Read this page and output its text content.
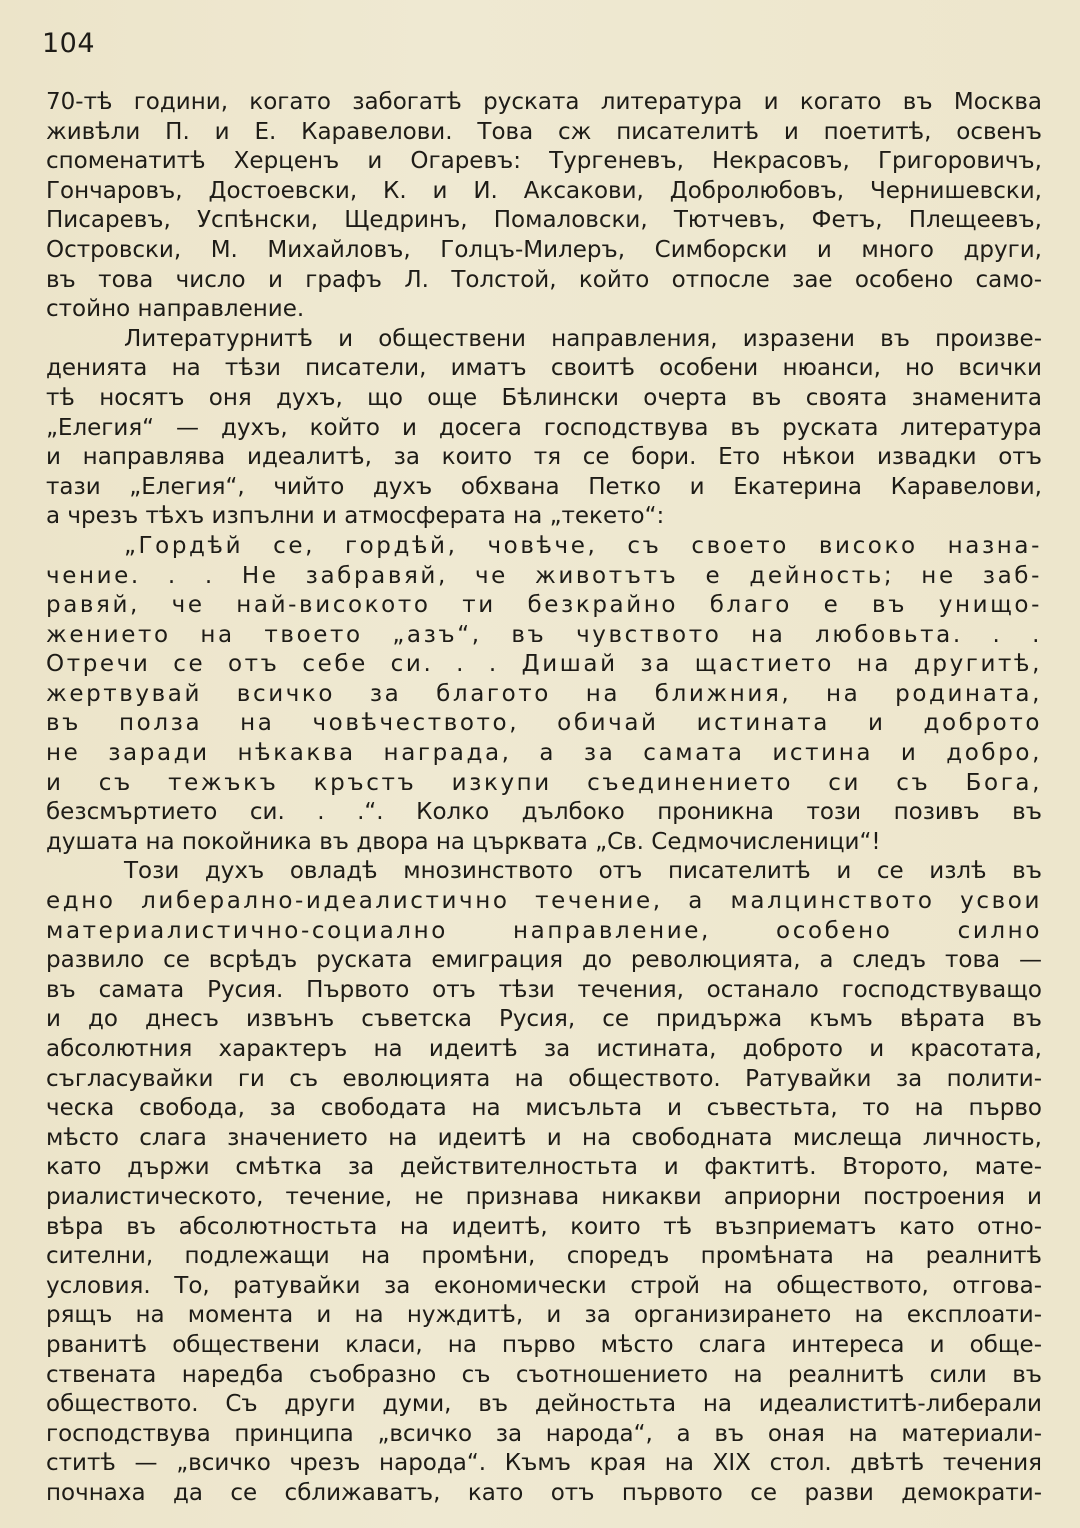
104
70-тѣ години, когато забогатѣ руската литература и когато въ Москва
живѣли П. и Е. Каравелови. Това сж писателитѣ и поетитѣ, освенъ
споменатитѣ Херценъ и Огаревъ: Тургеневъ, Некрасовъ, Григоровичъ,
Гончаровъ, Достоевски, К. и И. Аксакови, Добролюбовъ, Чернишевски,
Писаревъ, Успѣнски, Щедринъ, Помаловски, Тютчевъ, Фетъ, Плещеевъ,
Островски, М. Михайловъ, Голцъ-Милеръ, Симборски и много други,
въ това число и графъ Л. Толстой, който отпосле зае особено само-
стойно направление.
Литературнитѣ и обществени направления, изразени въ произве-
денията на тѣзи писатели, иматъ своитѣ особени нюанси, но всички
тѣ носятъ оня духъ, що още Бѣлински очерта въ своята знаменита
„Елегия“ — духъ, който и досега господствува въ руската литература
и направлява идеалитѣ, за които тя се бори. Ето нѣкои извадки отъ
тази „Елегия“, чийто духъ обхвана Петко и Екатерина Каравелови,
а чрезъ тѣхъ изпълни и атмосферата на „текето“:
„Гордѣй се, гордѣй, човѣче, съ своето високо назна-
чение. . . Не забравяй, че животътъ е дейность; не заб-
равяй, че най-високото ти безкрайно благо е въ унищо-
жението на твоето „азъ“, въ чувството на любовьта. . .
Отречи се отъ себе си. . . Дишай за щастието на другитѣ,
жертвувай всичко за благото на ближния, на родината,
въ полза на човѣчеството, обичай истината и доброто
не заради нѣкаква награда, а за самата истина и добро,
и съ тежъкъ кръстъ изкупи съединението си съ Бога,
безсмъртието си. . .“. Колко дълбоко проникна този позивъ въ
душата на покойника въ двора на църквата „Св. Седмочисленици“!
Този духъ овладѣ мнозинството отъ писателитѣ и се излѣ въ
едно либерално-идеалистично течение, а малцинството усвои
материалистично-социално направление, особено силно
развило се всрѣдъ руската емиграция до революцията, а следъ това —
въ самата Русия. Първото отъ тѣзи течения, останало господствуващо
и до днесъ извънъ съветска Русия, се придържа къмъ вѣрата въ
абсолютния характеръ на идеитѣ за истината, доброто и красотата,
съгласувайки ги съ еволюцията на обществото. Ратувайки за полити-
ческа свобода, за свободата на мисъльта и съвестьта, то на първо
мѣсто слага значението на идеитѣ и на свободната мислеща личность,
като държи смѣтка за действителностьта и фактитѣ. Второто, мате-
риалистическото, течение, не признава никакви априорни построения и
вѣра въ абсолютностьта на идеитѣ, които тѣ възприематъ като отно-
сителни, подлежащи на промѣни, споредъ промѣната на реалнитѣ
условия. То, ратувайки за економически строй на обществото, отгова-
рящъ на момента и на нуждитѣ, и за организирането на експлоати-
рванитѣ обществени класи, на първо мѣсто слага интереса и обще-
ствената наредба съобразно съ съотношението на реалнитѣ сили въ
обществото. Съ други думи, въ дейностьта на идеалиститѣ-либерали
господствува принципа „всичко за народа“, а въ оная на материали-
ститѣ — „всичко чрезъ народа“. Къмъ края на XIX стол. двѣтѣ течения
почнаха да се сближаватъ, като отъ първото се разви демократи-
